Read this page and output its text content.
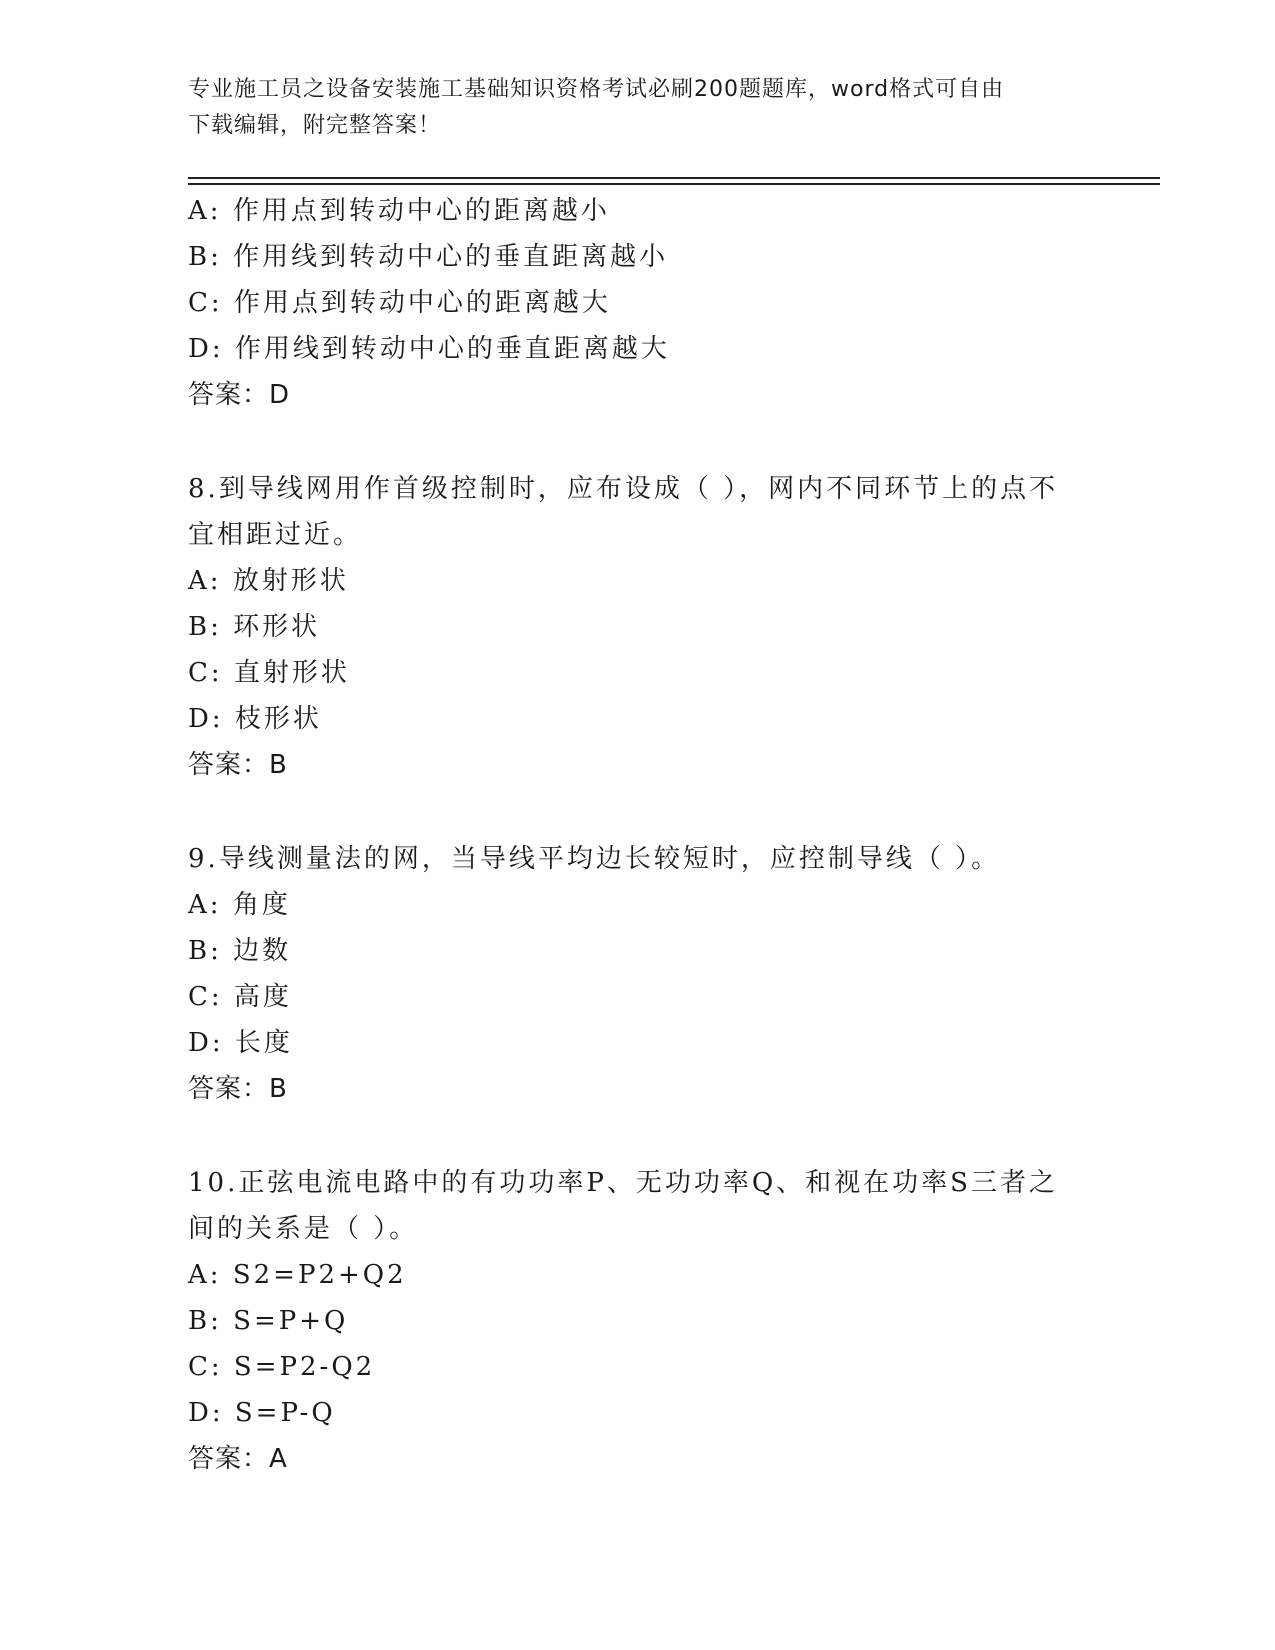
专业施工员之设备安装施工基础知识资格考试必刷200题题库，word格式可自由
下载编辑，附完整答案！

A: 作用点到转动中心的距离越小

B: 作用线到转动中心的垂直距离越小

C: 作用点到转动中心的距离越大

D: 作用线到转动中心的垂直距离越大

答案：D

8 . 到导线网用作首级控制时，应布设成（ ），网内不同环节上的点不

宜相距过近。

A: 放射形状

B: 环形状

C: 直射形状

D: 枝形状

答案：B

9 . 导线测量法的网，当导线平均边长较短时，应控制导线（ ）。

A: 角度

B: 边数

C: 高度

D: 长度

答案：B

10 . 正弦电流电路中的有功功率P、无功功率Q、和视在功率S三者之

间的关系是（ ）。

A: S2=P2+Q2

B: S=P+Q

C: S=P2-Q2

D: S=P-Q

答案：A
